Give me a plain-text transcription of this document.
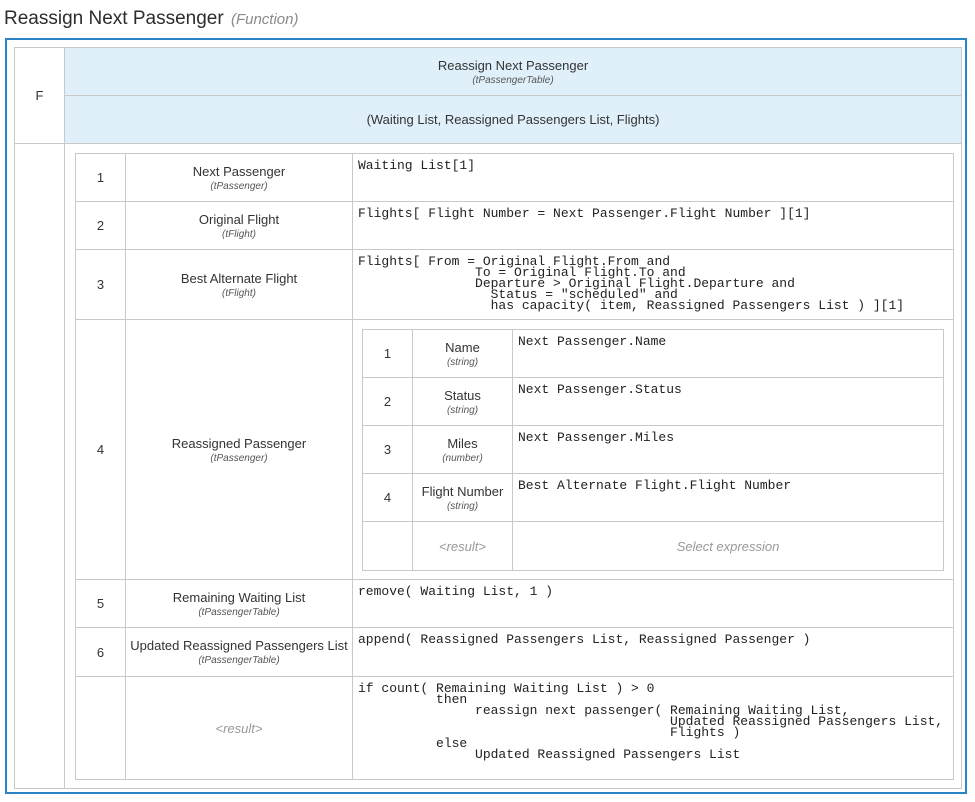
Reassign Next Passenger (Function)
F
Reassign Next Passenger
(tPassengerTable)
(Waiting List, Reassigned Passengers List, Flights)
1	Next Passenger
(tPassenger)
Waiting List[1]
2	Original Flight
(tFlight)
Flights[ Flight Number = Next Passenger.Flight Number ][1]
3	Best Alternate Flight
(tFlight)
Flights[ From = Original Flight.From and
To = Original Flight.To and
Departure > Original Flight.Departure and
Status = "scheduled" and
has capacity( item, Reassigned Passengers List ) ][1]
4	Reassigned Passenger
(tPassenger)
1	Name
(string)
Next Passenger.Name
2	Status
(string)
Next Passenger.Status
3	Miles
(number)
Next Passenger.Miles
4 Flight Number
(string)
Best Alternate Flight.Flight Number
<result>	Select expression
5	Remaining Waiting List
(tPassengerTable)
remove( Waiting List, 1 )
6 Updated Reassigned Passengers List
(tPassengerTable)
append( Reassigned Passengers List, Reassigned Passenger )
<result>
if count( Remaining Waiting List ) > 0
then
reassign next passenger( Remaining Waiting List,
Updated Reassigned Passengers List,
Flights )
else
Updated Reassigned Passengers List
